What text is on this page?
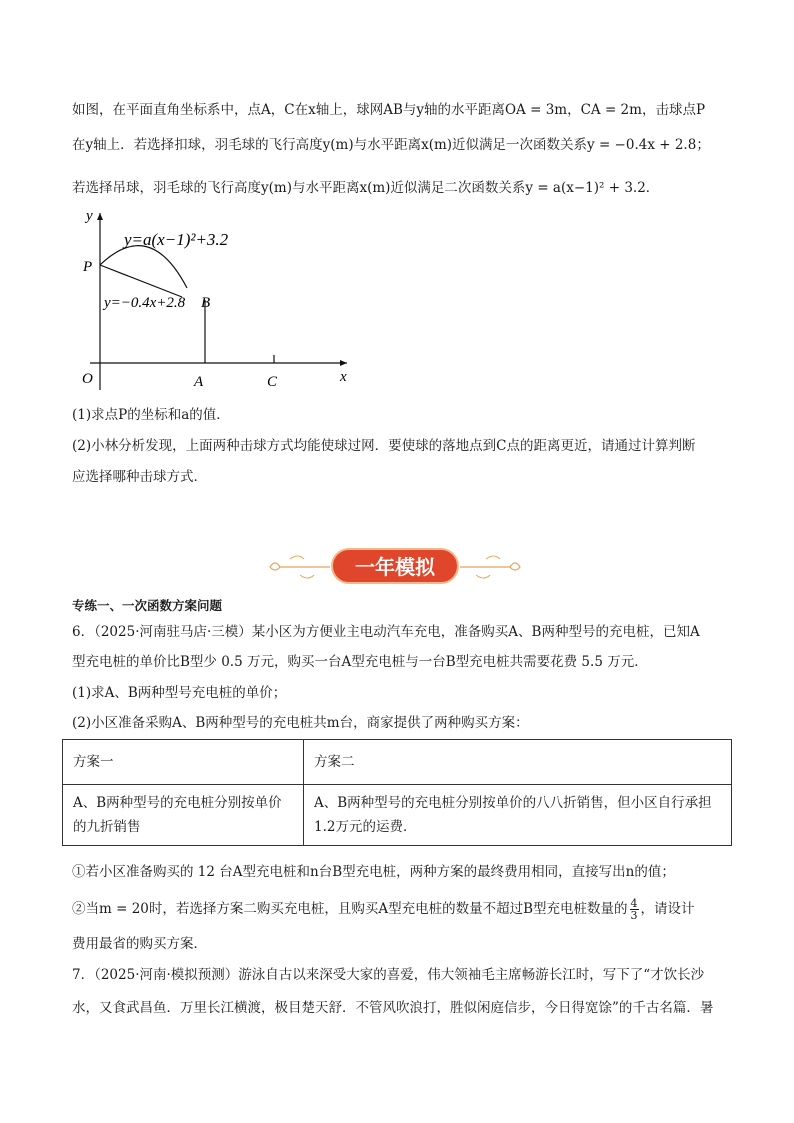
如图，在平面直角坐标系中，点A，C在x轴上，球网AB与y轴的水平距离OA = 3m，CA = 2m，击球点P
在y轴上．若选择扣球，羽毛球的飞行高度y(m)与水平距离x(m)近似满足一次函数关系y = −0.4x + 2.8；
若选择吊球，羽毛球的飞行高度y(m)与水平距离x(m)近似满足二次函数关系y = a(x−1)² + 3.2．
y
x
O	A	C
P
B
y=a(x−1)²+3.2
y=−0.4x+2.8
(1)求点P的坐标和a的值．
(2)小林分析发现，上面两种击球方式均能使球过网．要使球的落地点到C点的距离更近，请通过计算判断
应选择哪种击球方式．
一年模拟
专练一、一次函数方案问题
6．（2025·河南驻马店·三模）某小区为方便业主电动汽车充电，准备购买A、B两种型号的充电桩，已知A
型充电桩的单价比B型少 0.5 万元，购买一台A型充电桩与一台B型充电桩共需要花费 5.5 万元．
(1)求A、B两种型号充电桩的单价；
(2)小区准备采购A、B两种型号的充电桩共m台，商家提供了两种购买方案：
方案一	方案二
A、B两种型号的充电桩分别按单价的九折销售	A、B两种型号的充电桩分别按单价的八八折销售，但小区自行承担1.2万元的运费．
①若小区准备购买的 12 台A型充电桩和n台B型充电桩，两种方案的最终费用相同，直接写出n的值；
②当m = 20时，若选择方案二购买充电桩，且购买A型充电桩的数量不超过B型充电桩数量的 $\frac{4}{3}$ ，请设计
费用最省的购买方案．
7．（2025·河南·模拟预测）游泳自古以来深受大家的喜爱，伟大领袖毛主席畅游长江时，写下了“才饮长沙
水，又食武昌鱼．万里长江横渡，极目楚天舒．不管风吹浪打，胜似闲庭信步，今日得宽馀”的千古名篇．暑
